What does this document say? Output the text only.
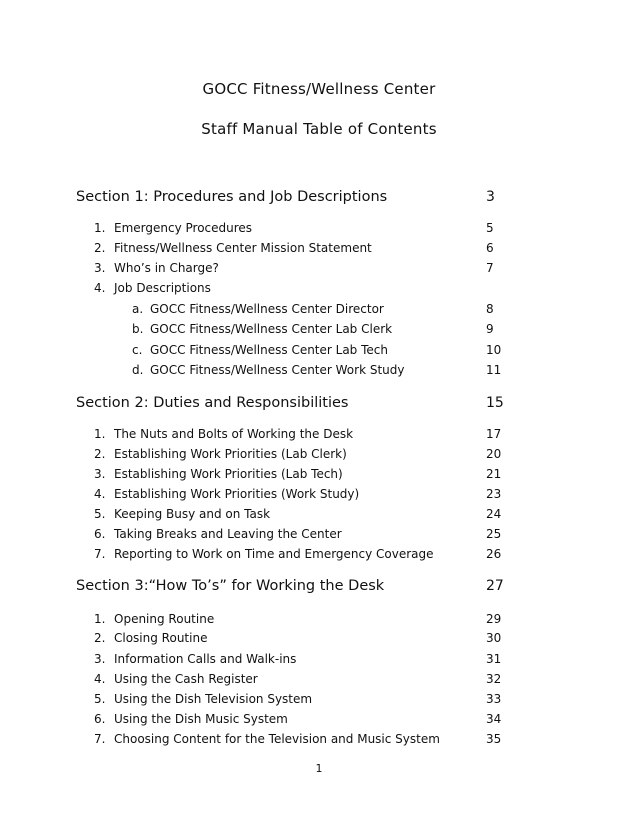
GOCC Fitness/Wellness Center
Staff Manual Table of Contents
Section 1: Procedures and Job Descriptions	3
1. Emergency Procedures	5
2. Fitness/Wellness Center Mission Statement	6
3. Who’s in Charge?	7
4. Job Descriptions
a. GOCC Fitness/Wellness Center Director	8
b. GOCC Fitness/Wellness Center Lab Clerk	9
c. GOCC Fitness/Wellness Center Lab Tech	10
d. GOCC Fitness/Wellness Center Work Study	11
Section 2: Duties and Responsibilities	15
1. The Nuts and Bolts of Working the Desk	17
2. Establishing Work Priorities (Lab Clerk)	20
3. Establishing Work Priorities (Lab Tech)	21
4. Establishing Work Priorities (Work Study)	23
5. Keeping Busy and on Task	24
6. Taking Breaks and Leaving the Center	25
7. Reporting to Work on Time and Emergency Coverage	26
Section 3:“How To’s” for Working the Desk	27
1. Opening Routine	29
2. Closing Routine	30
3. Information Calls and Walk-ins	31
4. Using the Cash Register	32
5. Using the Dish Television System	33
6. Using the Dish Music System	34
7. Choosing Content for the Television and Music System	35
1
